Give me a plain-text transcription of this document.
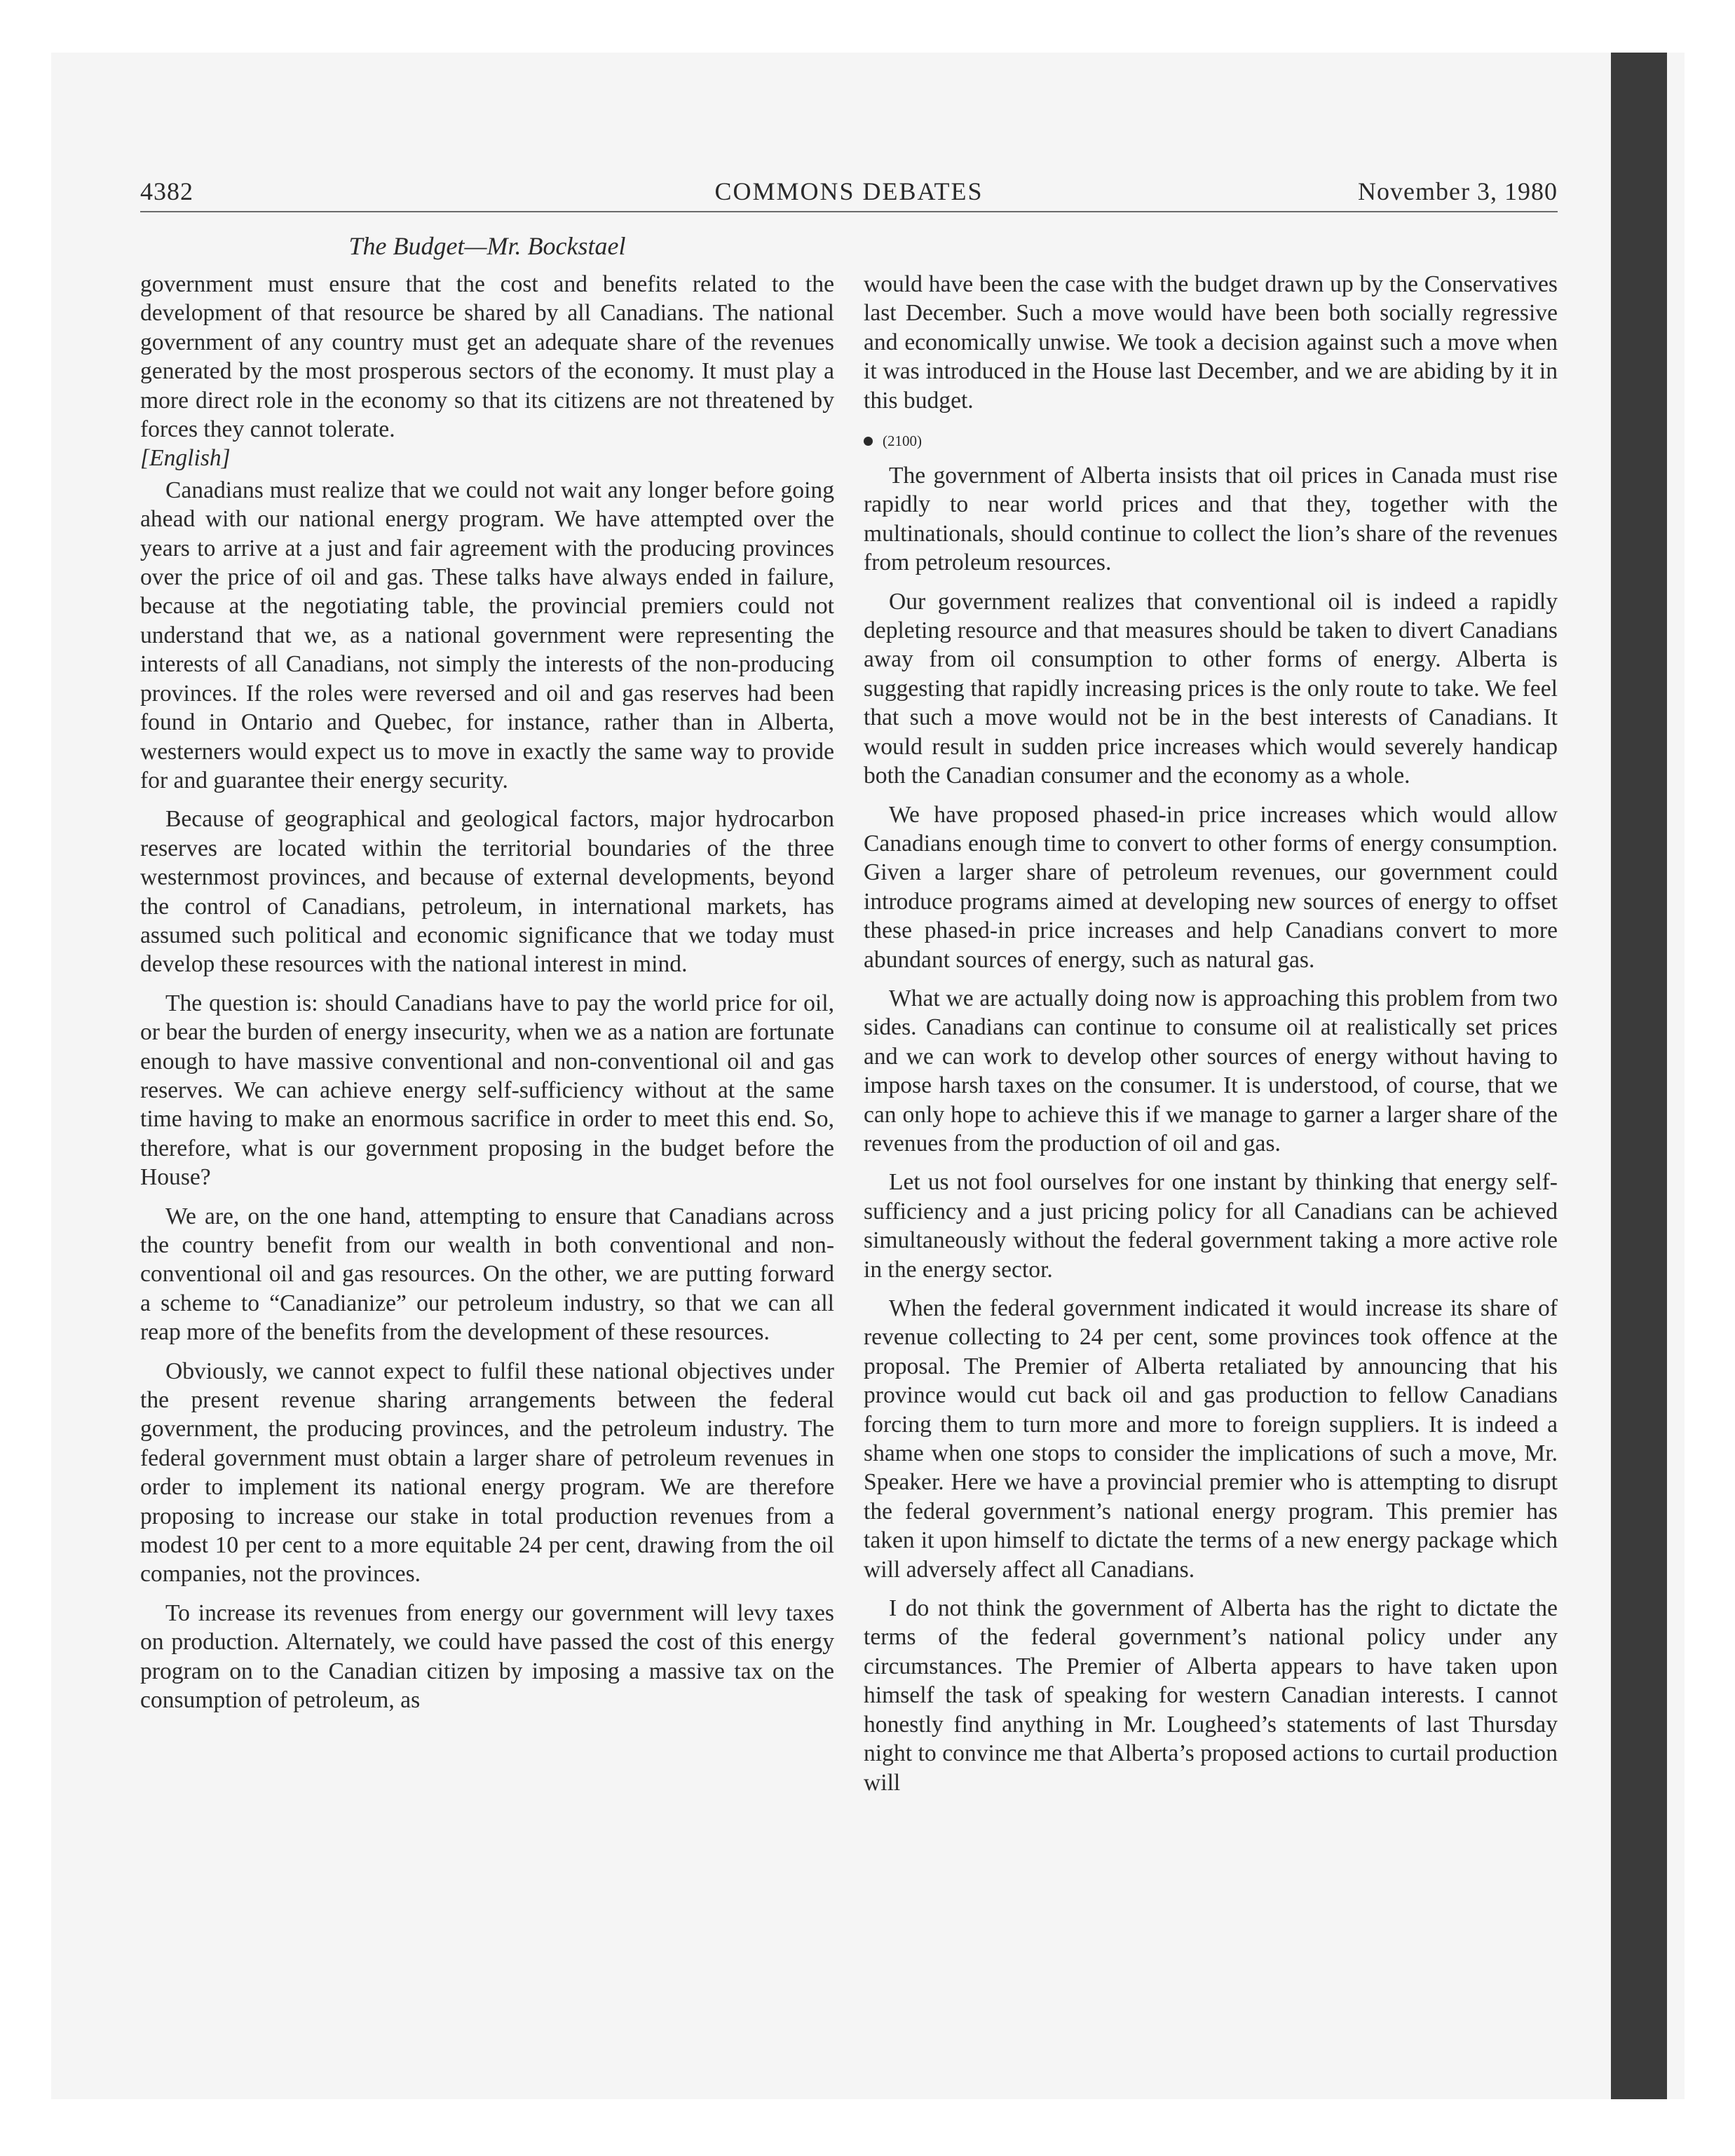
4382	COMMONS DEBATES	November 3, 1980
The Budget—Mr. Bockstael

government must ensure that the cost and benefits related to the development of that resource be shared by all Canadians. The national government of any country must get an adequate share of the revenues generated by the most prosperous sectors of the economy. It must play a more direct role in the economy so that its citizens are not threatened by forces they cannot tolerate.

[English]

Canadians must realize that we could not wait any longer before going ahead with our national energy program. We have attempted over the years to arrive at a just and fair agreement with the producing provinces over the price of oil and gas. These talks have always ended in failure, because at the negotiating table, the provincial premiers could not understand that we, as a national government were representing the interests of all Canadians, not simply the interests of the non-producing provinces. If the roles were reversed and oil and gas reserves had been found in Ontario and Quebec, for instance, rather than in Alberta, westerners would expect us to move in exactly the same way to provide for and guarantee their energy security.

Because of geographical and geological factors, major hydrocarbon reserves are located within the territorial boundaries of the three westernmost provinces, and because of external developments, beyond the control of Canadians, petroleum, in international markets, has assumed such political and economic significance that we today must develop these resources with the national interest in mind.

The question is: should Canadians have to pay the world price for oil, or bear the burden of energy insecurity, when we as a nation are fortunate enough to have massive conventional and non-conventional oil and gas reserves. We can achieve energy self-sufficiency without at the same time having to make an enormous sacrifice in order to meet this end. So, therefore, what is our government proposing in the budget before the House?

We are, on the one hand, attempting to ensure that Canadians across the country benefit from our wealth in both conventional and non-conventional oil and gas resources. On the other, we are putting forward a scheme to “Canadianize” our petroleum industry, so that we can all reap more of the benefits from the development of these resources.

Obviously, we cannot expect to fulfil these national objectives under the present revenue sharing arrangements between the federal government, the producing provinces, and the petroleum industry. The federal government must obtain a larger share of petroleum revenues in order to implement its national energy program. We are therefore proposing to increase our stake in total production revenues from a modest 10 per cent to a more equitable 24 per cent, drawing from the oil companies, not the provinces.

To increase its revenues from energy our government will levy taxes on production. Alternately, we could have passed the cost of this energy program on to the Canadian citizen by imposing a massive tax on the consumption of petroleum, as

would have been the case with the budget drawn up by the Conservatives last December. Such a move would have been both socially regressive and economically unwise. We took a decision against such a move when it was introduced in the House last December, and we are abiding by it in this budget.

(2100)

The government of Alberta insists that oil prices in Canada must rise rapidly to near world prices and that they, together with the multinationals, should continue to collect the lion’s share of the revenues from petroleum resources.

Our government realizes that conventional oil is indeed a rapidly depleting resource and that measures should be taken to divert Canadians away from oil consumption to other forms of energy. Alberta is suggesting that rapidly increasing prices is the only route to take. We feel that such a move would not be in the best interests of Canadians. It would result in sudden price increases which would severely handicap both the Canadian consumer and the economy as a whole.

We have proposed phased-in price increases which would allow Canadians enough time to convert to other forms of energy consumption. Given a larger share of petroleum revenues, our government could introduce programs aimed at developing new sources of energy to offset these phased-in price increases and help Canadians convert to more abundant sources of energy, such as natural gas.

What we are actually doing now is approaching this problem from two sides. Canadians can continue to consume oil at realistically set prices and we can work to develop other sources of energy without having to impose harsh taxes on the consumer. It is understood, of course, that we can only hope to achieve this if we manage to garner a larger share of the revenues from the production of oil and gas.

Let us not fool ourselves for one instant by thinking that energy self-sufficiency and a just pricing policy for all Canadians can be achieved simultaneously without the federal government taking a more active role in the energy sector.

When the federal government indicated it would increase its share of revenue collecting to 24 per cent, some provinces took offence at the proposal. The Premier of Alberta retaliated by announcing that his province would cut back oil and gas production to fellow Canadians forcing them to turn more and more to foreign suppliers. It is indeed a shame when one stops to consider the implications of such a move, Mr. Speaker. Here we have a provincial premier who is attempting to disrupt the federal government’s national energy program. This premier has taken it upon himself to dictate the terms of a new energy package which will adversely affect all Canadians.

I do not think the government of Alberta has the right to dictate the terms of the federal government’s national policy under any circumstances. The Premier of Alberta appears to have taken upon himself the task of speaking for western Canadian interests. I cannot honestly find anything in Mr. Lougheed’s statements of last Thursday night to convince me that Alberta’s proposed actions to curtail production will
